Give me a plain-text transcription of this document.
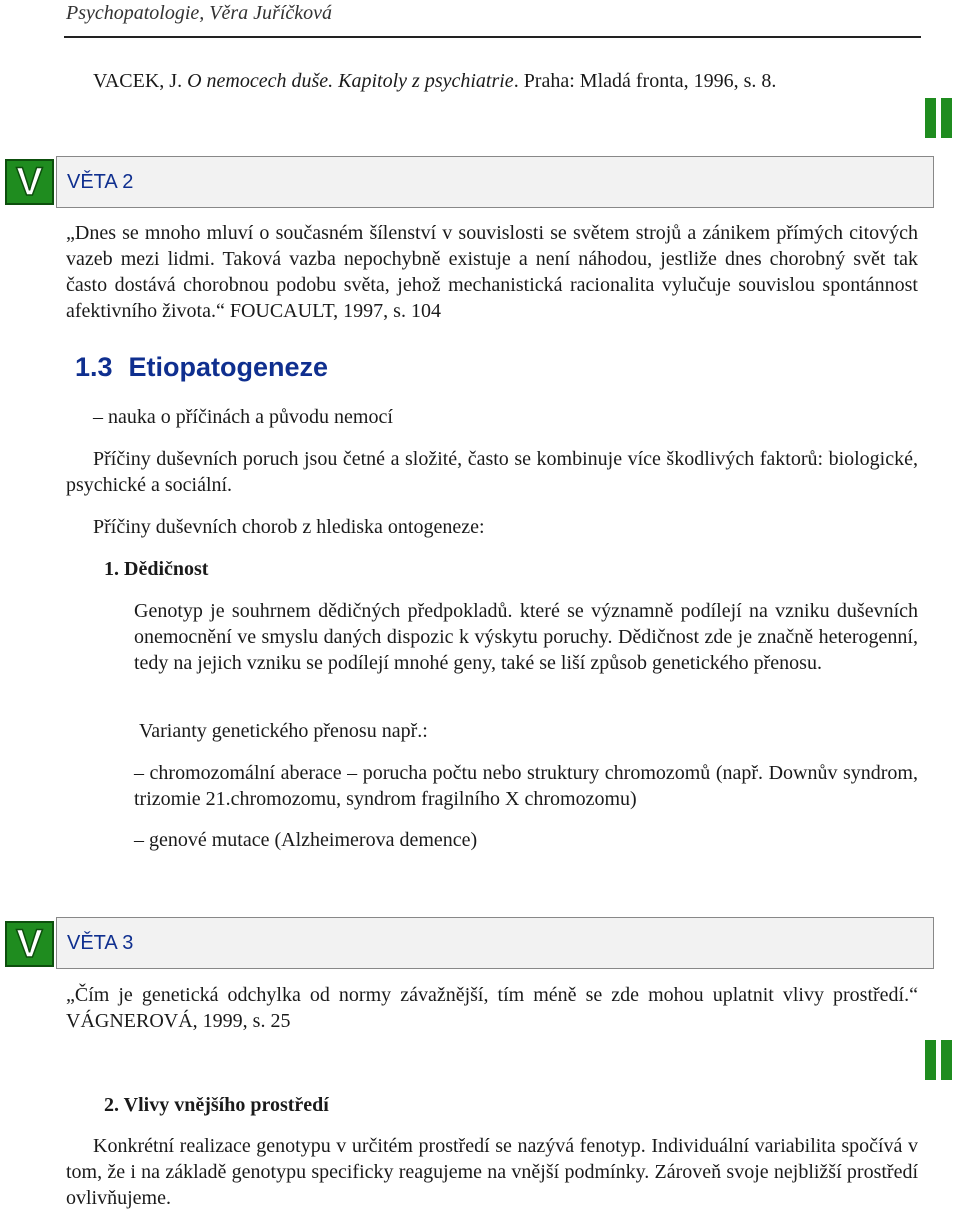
Psychopatologie, Věra Juříčková
VACEK, J. O nemocech duše. Kapitoly z psychiatrie. Praha: Mladá fronta, 1996, s. 8.
V VĚTA 2
„Dnes se mnoho mluví o současném šílenství v souvislosti se světem strojů a zánikem přímých citových vazeb mezi lidmi. Taková vazba nepochybně existuje a není náhodou, jestliže dnes chorobný svět tak často dostává chorobnou podobu světa, jehož mechanistická racionalita vylučuje souvislou spontánnost afektivního života.“ FOUCAULT, 1997, s. 104
1.3 Etiopatogeneze
– nauka o příčinách a původu nemocí
Příčiny duševních poruch jsou četné a složité, často se kombinuje více škodlivých faktorů: biologické, psychické a sociální.
Příčiny duševních chorob z hlediska ontogeneze:
1. Dědičnost
Genotyp je souhrnem dědičných předpokladů. které se významně podílejí na vzniku duševních onemocnění ve smyslu daných dispozic k výskytu poruchy. Dědičnost zde je značně heterogenní, tedy na jejich vzniku se podílejí mnohé geny, také se liší způsob genetického přenosu.
Varianty genetického přenosu např.:
– chromozomální aberace – porucha počtu nebo struktury chromozomů (např. Downův syndrom, trizomie 21.chromozomu, syndrom fragilního X chromozomu)
– genové mutace (Alzheimerova demence)
V VĚTA 3
„Čím je genetická odchylka od normy závažnější, tím méně se zde mohou uplatnit vlivy prostředí.“ VÁGNEROVÁ, 1999, s. 25
2. Vlivy vnějšího prostředí
Konkrétní realizace genotypu v určitém prostředí se nazývá fenotyp. Individuální variabilita spočívá v tom, že i na základě genotypu specificky reagujeme na vnější podmínky. Zároveň svoje nejbližší prostředí ovlivňujeme.
